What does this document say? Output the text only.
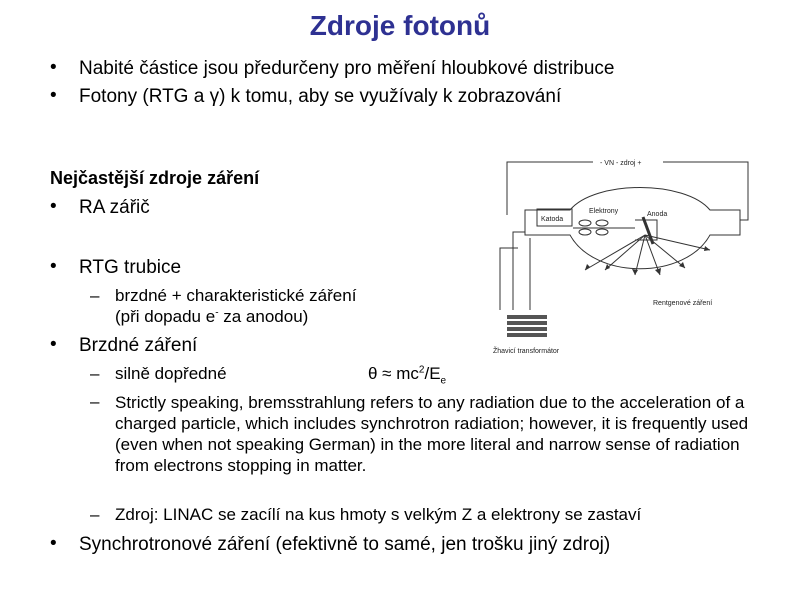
Zdroje fotonů
• Nabité částice jsou předurčeny pro měření hloubkové distribuce
• Fotony (RTG a γ) k tomu, aby se využívaly k zobrazování
Nejčastější zdroje záření
• RA zářič
• RTG trubice
– brzdné + charakteristické záření
(při dopadu e- za anodou)
• Brzdné záření
– silně dopředné	$\theta \approx mc^2/E_e$
– Strictly speaking, bremsstrahlung refers to any radiation due to the acceleration of a charged particle, which includes synchrotron radiation; however, it is frequently used (even when not speaking German) in the more literal and narrow sense of radiation from electrons stopping in matter.
– Zdroj: LINAC se zacílí na kus hmoty s velkým Z a elektrony se zastaví
• Synchrotronové záření (efektivně to samé, jen trošku jiný zdroj)
- VN - zdroj +
Katoda
Elektrony	Anoda
Rentgenové záření
Žhavicí transformátor
